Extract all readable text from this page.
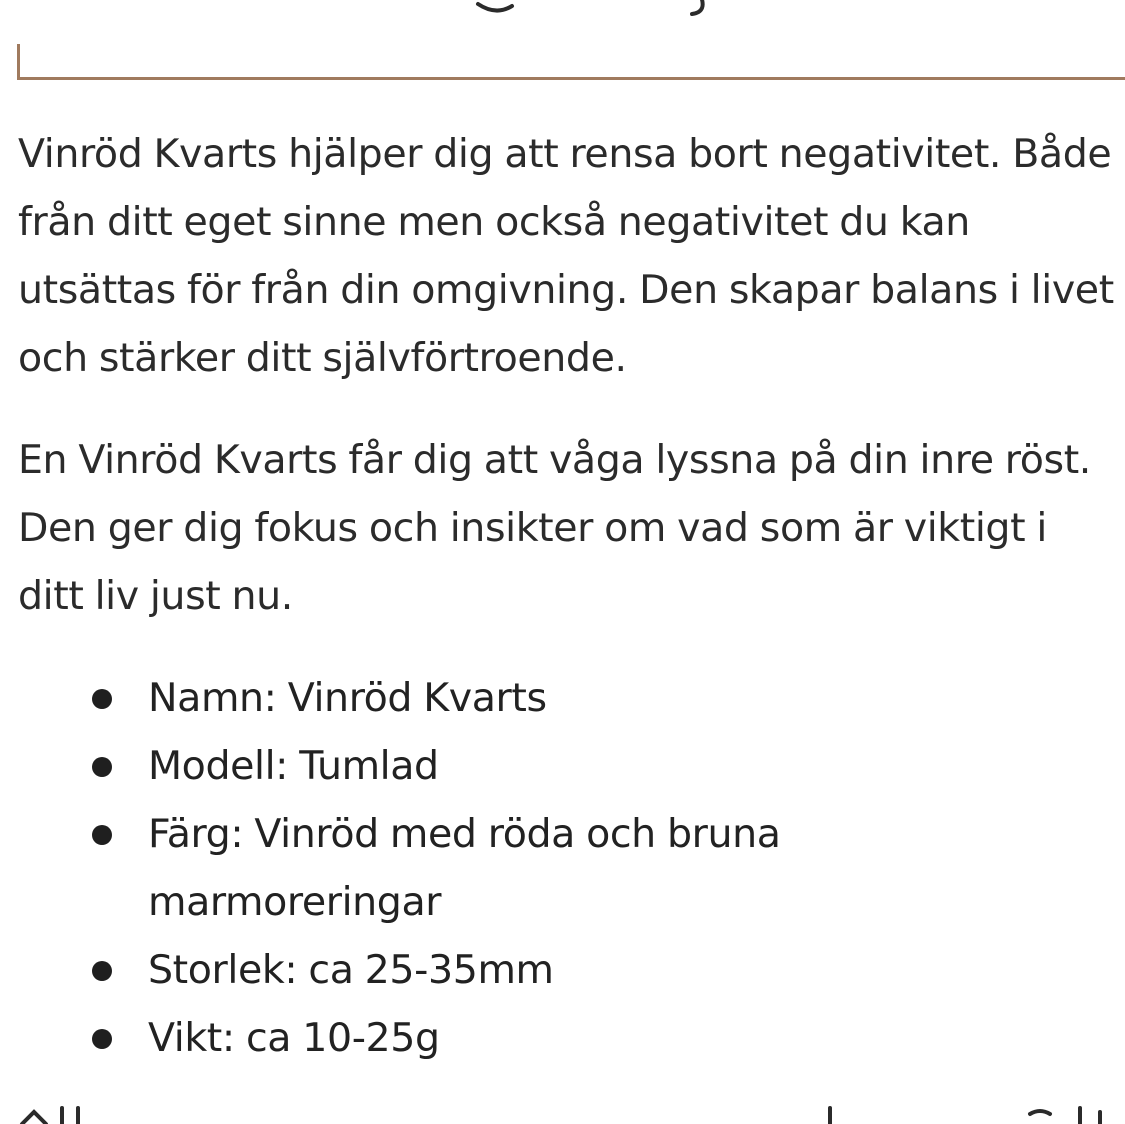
Vinröd Kvarts hjälper dig att rensa bort negativitet. Både från ditt eget sinne men också negativitet du kan utsättas för från din omgivning. Den skapar balans i livet och stärker ditt självförtroende.

En Vinröd Kvarts får dig att våga lyssna på din inre röst. Den ger dig fokus och insikter om vad som är viktigt i ditt liv just nu.

Namn: Vinröd Kvarts
Modell: Tumlad
Färg: Vinröd med röda och bruna marmoreringar
Storlek: ca 25-35mm
Vikt: ca 10-25g
